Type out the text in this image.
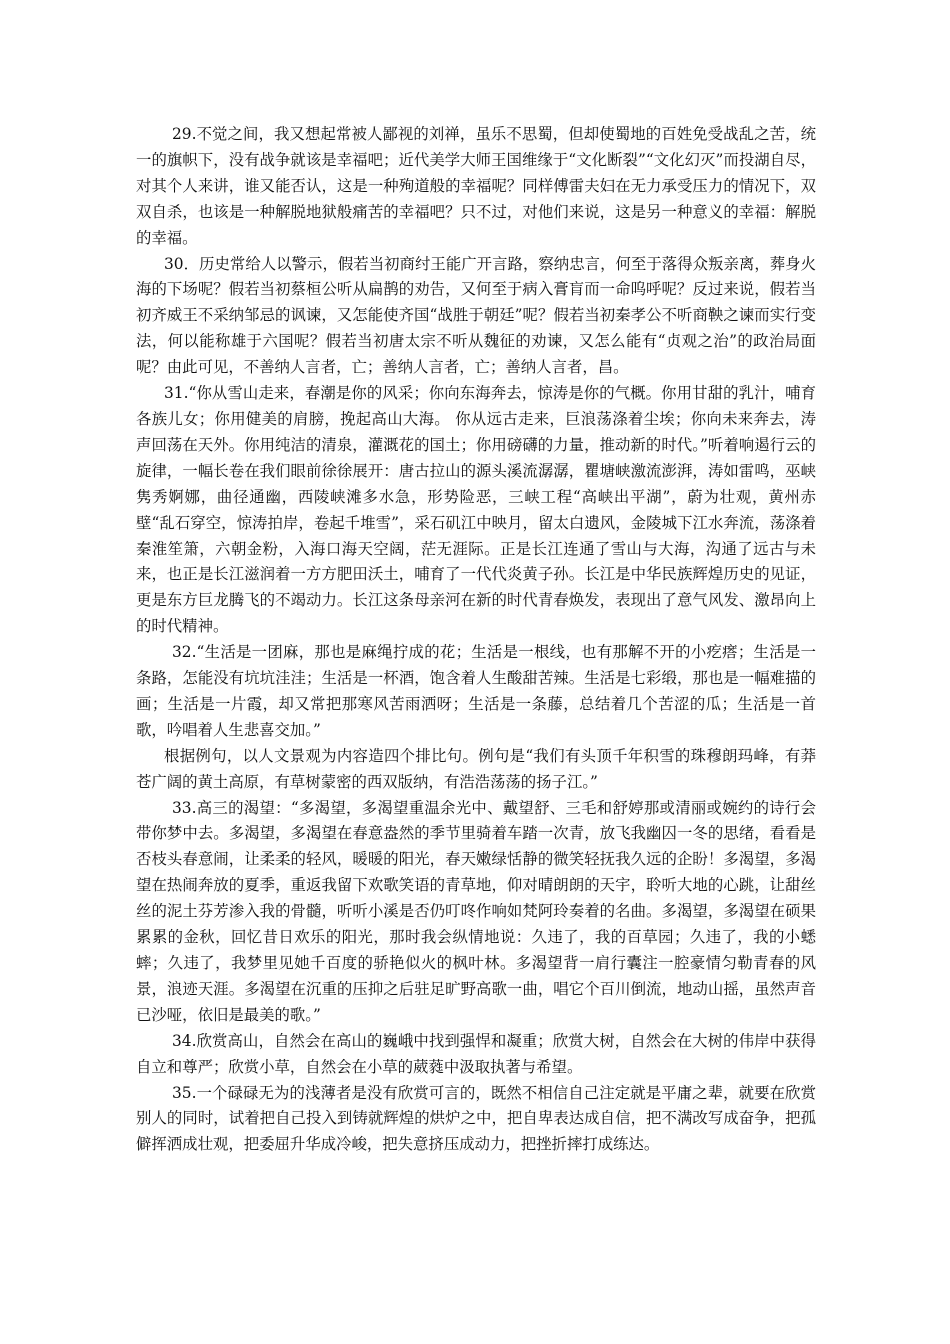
29.不觉之间，我又想起常被人鄙视的刘禅，虽乐不思蜀，但却使蜀地的百姓免受战乱之苦，统一的旗帜下，没有战争就该是幸福吧；近代美学大师王国维缘于“文化断裂”“文化幻灭”而投湖自尽，对其个人来讲，谁又能否认，这是一种殉道般的幸福呢？同样傅雷夫妇在无力承受压力的情况下，双双自杀，也该是一种解脱地狱般痛苦的幸福吧？只不过，对他们来说，这是另一种意义的幸福：解脱的幸福。

30．历史常给人以警示，假若当初商纣王能广开言路，察纳忠言，何至于落得众叛亲离，葬身火海的下场呢？假若当初蔡桓公听从扁鹊的劝告，又何至于病入膏肓而一命呜呼呢？反过来说，假若当初齐威王不采纳邹忌的讽谏，又怎能使齐国“战胜于朝廷”呢？假若当初秦孝公不听商鞅之谏而实行变法，何以能称雄于六国呢？假若当初唐太宗不听从魏征的劝谏，又怎么能有“贞观之治”的政治局面呢？由此可见，不善纳人言者，亡；善纳人言者，亡；善纳人言者，昌。

31.“你从雪山走来，春潮是你的风采；你向东海奔去，惊涛是你的气概。你用甘甜的乳汁，哺育各族儿女；你用健美的肩膀，挽起高山大海。 你从远古走来，巨浪荡涤着尘埃；你向未来奔去，涛声回荡在天外。你用纯洁的清泉，灌溉花的国土；你用磅礴的力量，推动新的时代。”听着响遏行云的旋律，一幅长卷在我们眼前徐徐展开：唐古拉山的源头溪流潺潺，瞿塘峡激流澎湃，涛如雷鸣，巫峡隽秀婀娜，曲径通幽，西陵峡滩多水急，形势险恶，三峡工程“高峡出平湖”，蔚为壮观，黄州赤壁“乱石穿空，惊涛拍岸，卷起千堆雪”，采石矶江中映月，留太白遗风，金陵城下江水奔流，荡涤着秦淮笙箫，六朝金粉，入海口海天空阔，茫无涯际。正是长江连通了雪山与大海，沟通了远古与未来，也正是长江滋润着一方方肥田沃土，哺育了一代代炎黄子孙。长江是中华民族辉煌历史的见证，更是东方巨龙腾飞的不竭动力。长江这条母亲河在新的时代青春焕发，表现出了意气风发、激昂向上的时代精神。

32.“生活是一团麻，那也是麻绳拧成的花；生活是一根线，也有那解不开的小疙瘩；生活是一条路，怎能没有坑坑洼洼；生活是一杯酒，饱含着人生酸甜苦辣。生活是七彩缎，那也是一幅难描的画；生活是一片霞，却又常把那寒风苦雨洒呀；生活是一条藤，总结着几个苦涩的瓜；生活是一首歌，吟唱着人生悲喜交加。”

根据例句，以人文景观为内容造四个排比句。例句是“我们有头顶千年积雪的珠穆朗玛峰，有莽苍广阔的黄土高原，有草树蒙密的西双版纳，有浩浩荡荡的扬子江。”

33.高三的渴望：“多渴望，多渴望重温余光中、戴望舒、三毛和舒婷那或清丽或婉约的诗行会带你梦中去。多渴望，多渴望在春意盎然的季节里骑着车踏一次青，放飞我幽囚一冬的思绪，看看是否枝头春意闹，让柔柔的轻风，暖暖的阳光，春天嫩绿恬静的微笑轻抚我久远的企盼！多渴望，多渴望在热闹奔放的夏季，重返我留下欢歌笑语的青草地，仰对晴朗朗的天宇，聆听大地的心跳，让甜丝丝的泥土芬芳渗入我的骨髓，听听小溪是否仍叮咚作响如梵阿玲奏着的名曲。多渴望，多渴望在硕果累累的金秋，回忆昔日欢乐的阳光，那时我会纵情地说：久违了，我的百草园；久违了，我的小蟋蟀；久违了，我梦里见她千百度的骄艳似火的枫叶林。多渴望背一肩行囊注一腔豪情匀勒青春的风景，浪迹天涯。多渴望在沉重的压抑之后驻足旷野高歌一曲，唱它个百川倒流，地动山摇，虽然声音已沙哑，依旧是最美的歌。”

34.欣赏高山，自然会在高山的巍峨中找到强悍和凝重；欣赏大树，自然会在大树的伟岸中获得自立和尊严；欣赏小草，自然会在小草的葳蕤中汲取执著与希望。

35.一个碌碌无为的浅薄者是没有欣赏可言的，既然不相信自己注定就是平庸之辈，就要在欣赏别人的同时，试着把自己投入到铸就辉煌的烘炉之中，把自卑表达成自信，把不满改写成奋争，把孤僻挥洒成壮观，把委屈升华成冷峻，把失意挤压成动力，把挫折摔打成练达。
